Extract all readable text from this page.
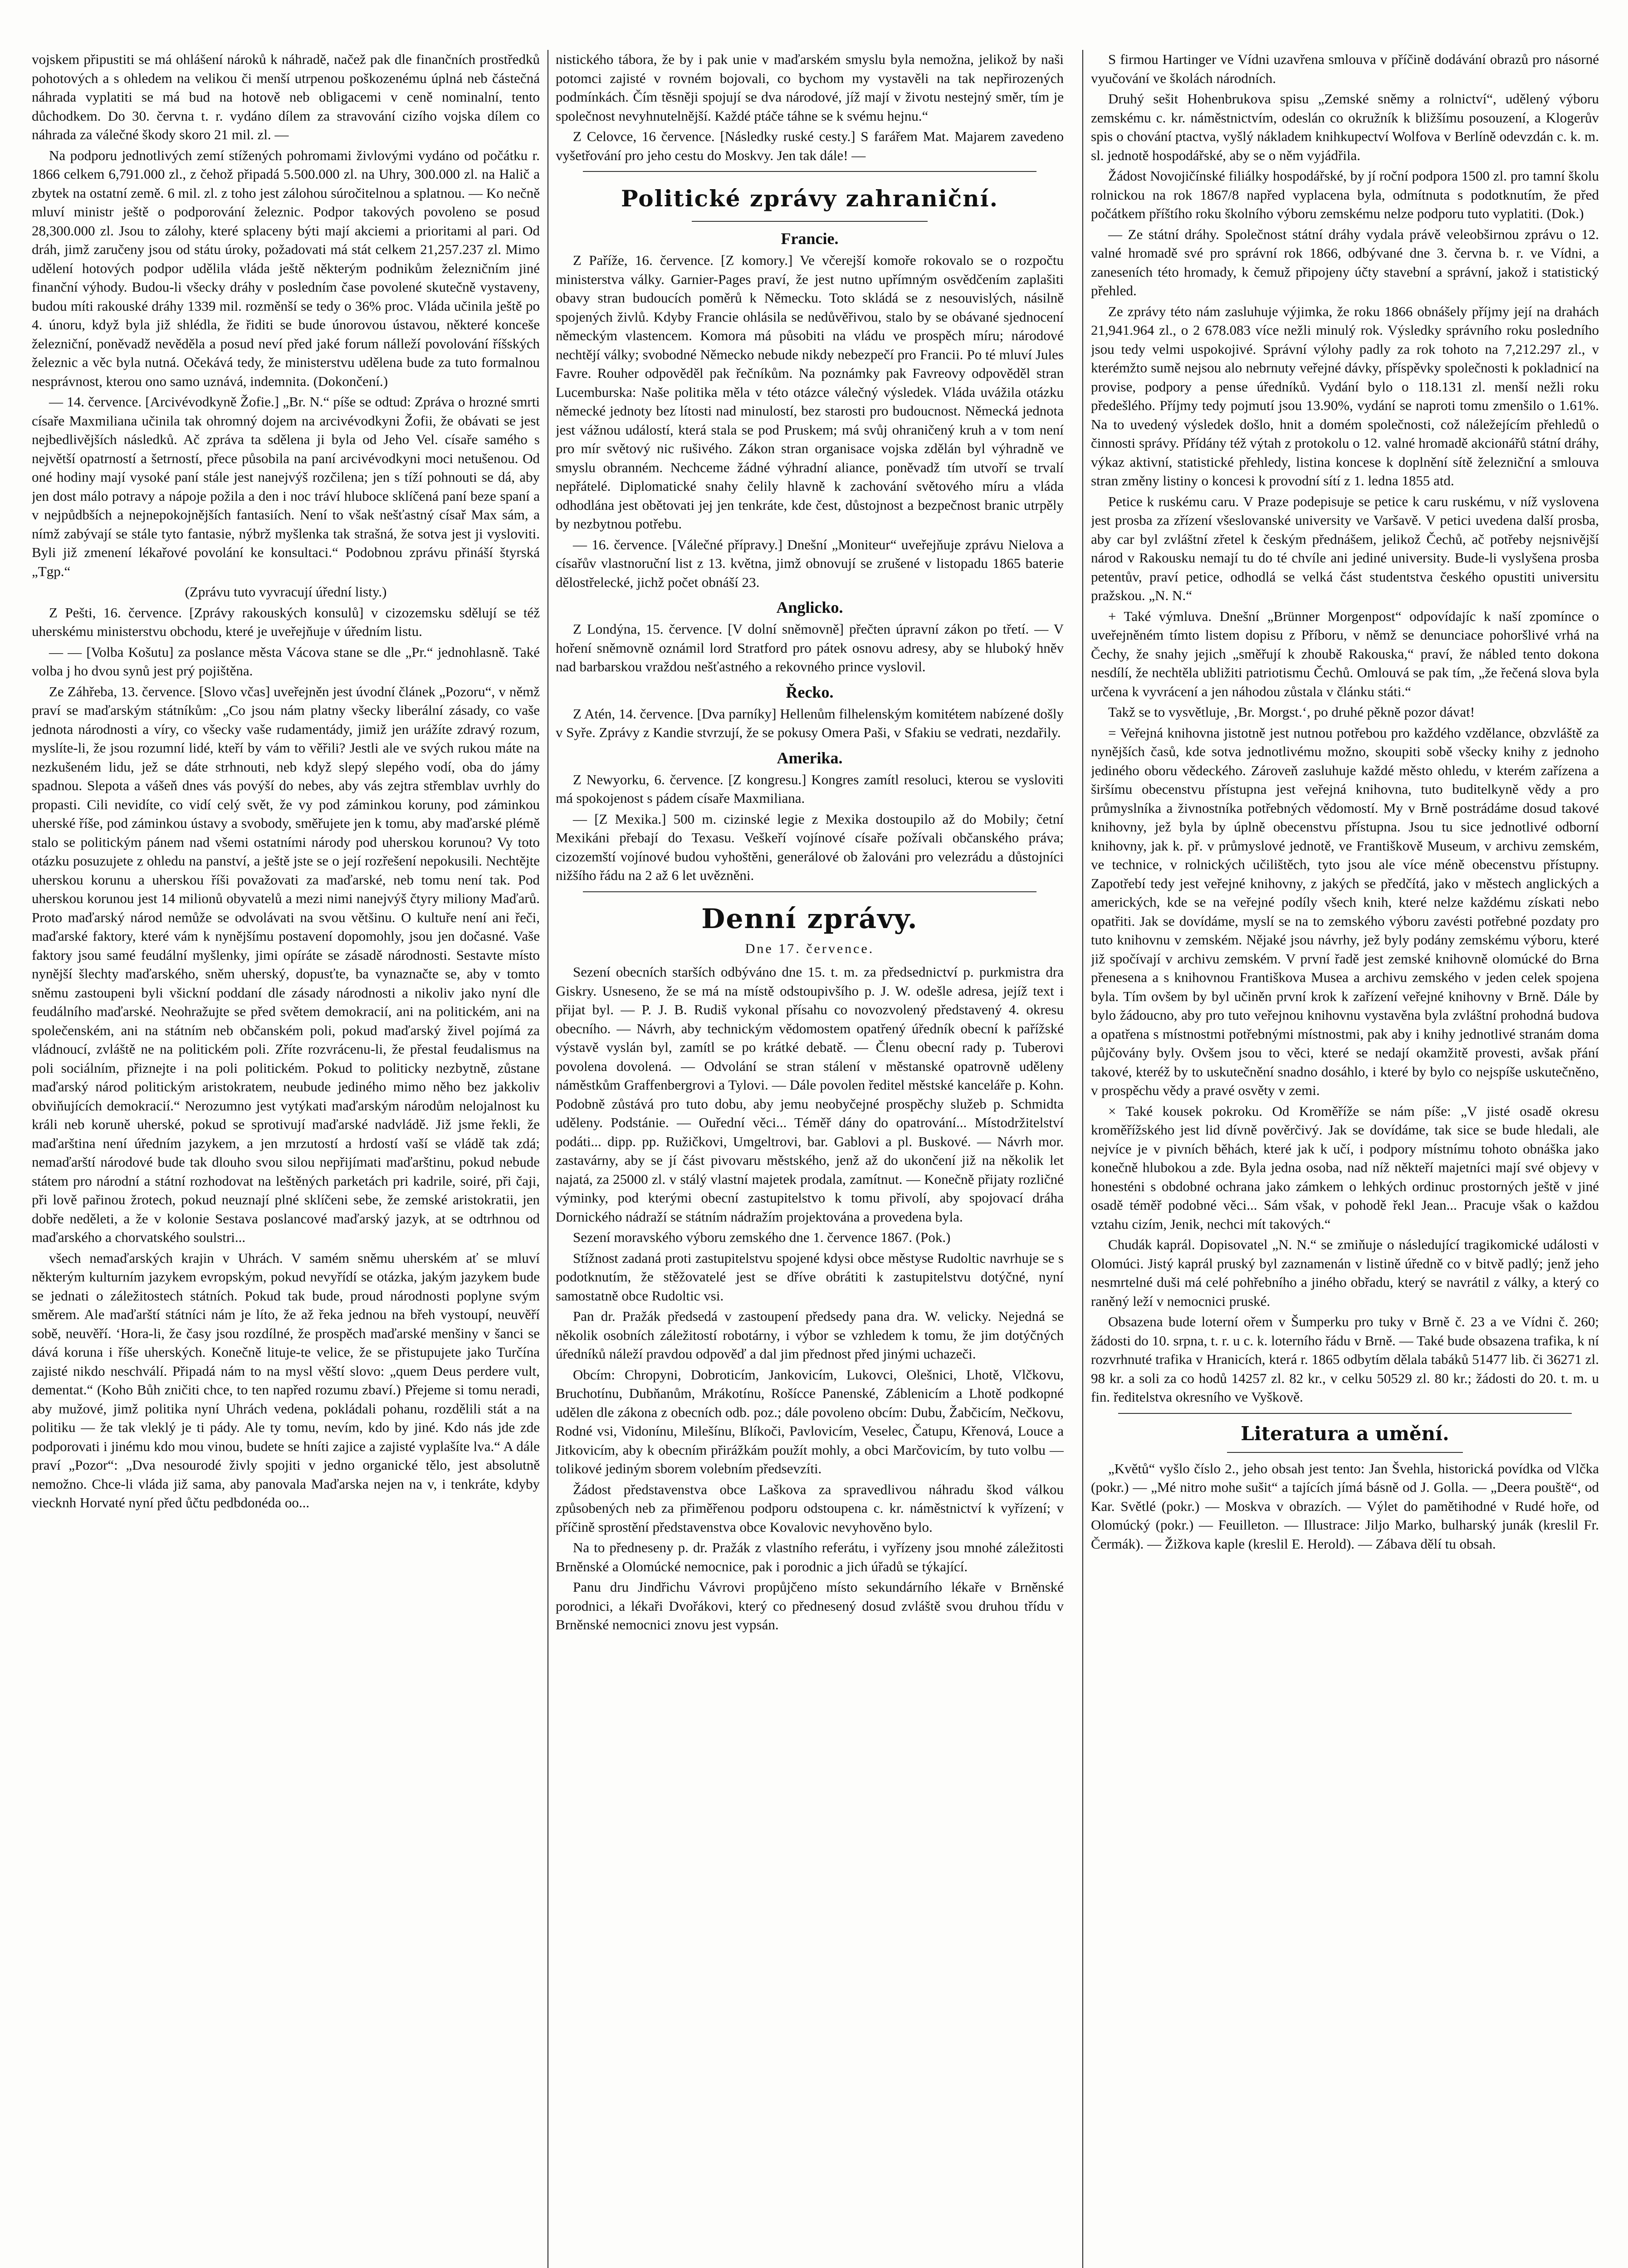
vojskem připustiti se má ohlášení nároků k náhradě, načež pak dle finančních prostředků pohotových a s ohledem na velikou či menší utrpenou poškozenému úplná neb částečná náhrada vyplatiti se má bud na hotově neb obligacemi v ceně nominalní, tento důchodkem. Do 30. června t. r. vydáno dílem za stravování cizího vojska dílem co náhrada za válečné škody skoro 21 mil. zl. —

Na podporu jednotlivých zemí stížených pohromami živlovými vydáno od počátku r. 1866 celkem 6,791.000 zl., z čehož připadá 5.500.000 zl. na Uhry, 300.000 zl. na Halič a zbytek na ostatní země. 6 mil. zl. z toho jest zálohou súročitelnou a splatnou. — Ko nečně mluví ministr ještě o podporování železnic. Podpor takových povoleno se posud 28,300.000 zl. Jsou to zálohy, které splaceny býti mají akciemi a prioritami al pari. Od dráh, jimž zaručeny jsou od státu úroky, požadovati má stát celkem 21,257.237 zl. Mimo udělení hotových podpor udělila vláda ještě některým podnikům železničním jiné finanční výhody. Budou-li všecky dráhy v posledním čase povolené skutečně vystaveny, budou míti rakouské dráhy 1339 mil. rozměnší se tedy o 36% proc. Vláda učinila ještě po 4. únoru, když byla již shlédla, že řiditi se bude únorovou ústavou, některé konceše železniční, poněvadž nevěděla a posud neví před jaké forum nálleží povolování říšských železnic a věc byla nutná. Očekává tedy, že ministerstvu udělena bude za tuto formalnou nesprávnost, kterou ono samo uznává, indemnita. (Dokončení.)

— 14. července. [Arcivévodkyně Žofie.] „Br. N.“ píše se odtud: Zpráva o hrozné smrti císaře Maxmiliana učinila tak ohromný dojem na arcivévodkyni Žofii, že obávati se jest nejbedlivějších následků. Ač zpráva ta sdělena ji byla od Jeho Vel. císaře samého s největší opatrností a šetrností, přece působila na paní arcivévodkyni moci netušenou. Od oné hodiny mají vysoké paní stále jest nanejvýš rozčilena; jen s tíží pohnouti se dá, aby jen dost málo potravy a nápoje požila a den i noc tráví hluboce sklíčená paní beze spaní a v nejpůdbších a nejnepokojnějších fantasiích. Není to však nešťastný císař Max sám, a nímž zabývají se stále tyto fantasie, nýbrž myšlenka tak strašná, že sotva jest ji vysloviti. Byli již zmenení lékařové povolání ke konsultaci.“ Podobnou zprávu přináší štyrská „Tgp.“

(Zprávu tuto vyvracují úřední listy.)

Z Pešti, 16. července. [Zprávy rakouských konsulů] v cizozemsku sdělují se též uherskému ministerstvu obchodu, které je uveřejňuje v úředním listu.

— — [Volba Košutu] za poslance města Vácova stane se dle „Pr.“ jednohlasně. Také volba j ho dvou synů jest prý pojištěna.

Ze Záhřeba, 13. července. [Slovo včas] uveřejněn jest úvodní článek „Pozoru“, v němž praví se maďarským státníkům: „Co jsou nám platny všecky liberální zásady, co vaše jednota národnosti a víry, co všecky vaše rudamentády, jimiž jen urážíte zdravý rozum, myslíte-li, že jsou rozumní lidé, kteří by vám to věřili? Jestli ale ve svých rukou máte na nezkušeném lidu, jež se dáte strhnouti, neb když slepý slepého vodí, oba do jámy spadnou. Slepota a vášeň dnes vás povýší do nebes, aby vás zejtra střemblav uvrhly do propasti. Cili nevidíte, co vidí celý svět, že vy pod záminkou koruny, pod záminkou uherské říše, pod záminkou ústavy a svobody, směřujete jen k tomu, aby maďarské plémě stalo se politickým pánem nad všemi ostatními národy pod uherskou korunou? Vy toto otázku posuzujete z ohledu na panství, a ještě jste se o její rozřešení nepokusili. Nechtějte uherskou korunu a uherskou říši považovati za maďarské, neb tomu není tak. Pod uherskou korunou jest 14 milionů obyvatelů a mezi nimi nanejvýš čtyry miliony Maďarů. Proto maďarský národ nemůže se odvolávati na svou většinu. O kultuře není ani řeči, maďarské faktory, které vám k nynějšímu postavení dopomohly, jsou jen dočasné. Vaše faktory jsou samé feudální myšlenky, jimi opíráte se zásadě národnosti. Sestavte místo nynější šlechty maďarského, sněm uherský, dopusťte, ba vynaznačte se, aby v tomto sněmu zastoupeni byli všickní poddaní dle zásady národnosti a nikoliv jako nyní dle feudálního maďarské. Neohražujte se před světem demokracií, ani na politickém, ani na společenském, ani na státním neb občanském poli, pokud maďarský živel pojímá za vládnoucí, zvláště ne na politickém poli. Zříte rozvrácenu-li, že přestal feudalismus na poli sociálním, přiznejte i na poli politickém. Pokud to politicky nezbytně, zůstane maďarský národ politickým aristokratem, neubude jediného mimo něho bez jakkoliv obviňujících demokracií.“ Nerozumno jest vytýkati maďarským národům nelojalnost ku králi neb koruně uherské, pokud se sprotivují maďarské nadvládě. Již jsme řekli, že maďarština není úředním jazykem, a jen mrzutostí a hrdostí vaší se vládě tak zdá; nemaďarští národové bude tak dlouho svou silou nepřijímati maďarštinu, pokud nebude státem pro národní a státní rozhodovat na leštěných parketách pri kadrile, soiré, při čaji, při lově pařinou žrotech, pokud neuznají plné sklíčeni sebe, že zemské aristokratii, jen dobře neděleti, a že v kolonie Sestava poslancové maďarský jazyk, at se odtrhnou od maďarského a chorvatského soulstri...

všech nemaďarských krajin v Uhrách. V samém sněmu uherském ať se mluví některým kulturním jazykem evropským, pokud nevyřídí se otázka, jakým jazykem bude se jednati o záležitostech státních. Pokud tak bude, proud národnosti poplyne svým směrem. Ale maďarští státníci nám je líto, že až řeka jednou na břeh vystoupí, neuvěří sobě, neuvěří. ‘Hora-li, že časy jsou rozdílné, že prospěch maďarské menšiny v šanci se dává koruna i říše uherských. Konečně lituje-te velice, že se přistupujete jako Turčína zajisté nikdo neschválí. Připadá nám to na mysl věští slovo: „quem Deus perdere vult, dementat.“ (Koho Bůh zničiti chce, to ten napřed rozumu zbaví.) Přejeme si tomu neradi, aby mužové, jimž politika nyní Uhrách vedena, pokládali pohanu, rozdělili stát a na politiku — že tak vleklý je ti pády. Ale ty tomu, nevím, kdo by jiné. Kdo nás jde zde podporovati i jinému kdo mou vinou, budete se hníti zajice a zajisté vyplašíte lva.“ A dále praví „Pozor“: „Dva nesourodé živly spojiti v jedno organické tělo, jest absolutně nemožno. Chce-li vláda již sama, aby panovala Maďarska nejen na v, i tenkráte, kdyby viecknh Horvaté nyní před ůčtu pedbdonéda oo...

nistického tábora, že by i pak unie v maďarském smyslu byla nemožna, jelikož by naši potomci zajisté v rovném bojovali, co bychom my vystavěli na tak nepřirozených podmínkách. Čím těsněji spojují se dva národové, jíž mají v životu nestejný směr, tím je společnost nevyhnutelnější. Každé ptáče táhne se k svému hejnu.“

Z Celovce, 16 července. [Následky ruské cesty.] S farářem Mat. Majarem zavedeno vyšetřování pro jeho cestu do Moskvy. Jen tak dále! —

Politické zprávy zahraniční.
Francie.

Z Paříže, 16. července. [Z komory.] Ve včerejší komoře rokovalo se o rozpočtu ministerstva války. Garnier-Pages praví, že jest nutno upřímným osvědčením zaplašiti obavy stran budoucích poměrů k Německu. Toto skládá se z nesouvislých, násilně spojených živlů. Kdyby Francie ohlásila se nedůvěřivou, stalo by se obávané sjednocení německým vlastencem. Komora má působiti na vládu ve prospěch míru; národové nechtějí války; svobodné Německo nebude nikdy nebezpečí pro Francii. Po té mluví Jules Favre. Rouher odpověděl pak řečníkům. Na poznámky pak Favreovy odpověděl stran Lucemburska: Naše politika měla v této otázce válečný výsledek. Vláda uvážila otázku německé jednoty bez lítosti nad minulostí, bez starosti pro budoucnost. Německá jednota jest vážnou událostí, která stala se pod Pruskem; má svůj ohraničený kruh a v tom není pro mír světový nic rušivého. Zákon stran organisace vojska zdělán byl výhradně ve smyslu obranném. Nechceme žádné výhradní aliance, poněvadž tím utvoří se trvalí nepřátelé. Diplomatické snahy čelily hlavně k zachování světového míru a vláda odhodlána jest obětovati jej jen tenkráte, kde čest, důstojnost a bezpečnost branic utrpěly by nezbytnou potřebu.

— 16. července. [Válečné přípravy.] Dnešní „Moniteur“ uveřejňuje zprávu Nielova a císařův vlastnoruční list z 13. května, jimž obnovují se zrušené v listopadu 1865 baterie dělostřelecké, jichž počet obnáší 23.

Anglicko.

Z Londýna, 15. července. [V dolní sněmovně] přečten úpravní zákon po třetí. — V hoření sněmovně oznámil lord Stratford pro pátek osnovu adresy, aby se hluboký hněv nad barbarskou vraždou nešťastného a rekovného prince vyslovil.

Řecko.

Z Atén, 14. července. [Dva parníky] Hellenům filhelenským komitétem nabízené došly v Syře. Zprávy z Kandie stvrzují, že se pokusy Omera Paši, v Sfakiu se vedrati, nezdařily.

Amerika.

Z Newyorku, 6. července. [Z kongresu.] Kongres zamítl resoluci, kterou se vysloviti má spokojenost s pádem císaře Maxmiliana.

— [Z Mexika.] 500 m. cizinské legie z Mexika dostoupilo až do Mobily; četní Mexikáni přebají do Texasu. Veškeří vojínové císaře požívali občanského práva; cizozemští vojínové budou vyhoštěni, generálové ob žalováni pro velezrádu a důstojníci nižšího řádu na 2 až 6 let uvězněni.

Denní zprávy.
Dne 17. července.

Sezení obecních starších odbýváno dne 15. t. m. za předsednictví p. purkmistra dra Giskry. Usneseno, že se má na místě odstoupivšího p. J. W. odešle adresa, jejíž text i přijat byl. — P. J. B. Rudiš vykonal přísahu co novozvolený představený 4. okresu obecního. — Návrh, aby technickým vědomostem opatřený úředník obecní k pařížské výstavě vyslán byl, zamítl se po krátké debatě. — Členu obecní rady p. Tuberovi povolena dovolená. — Odvolání se stran stálení v městanské opatrovně uděleny náměstkům Graffenbergrovi a Tylovi. — Dále povolen ředitel městské kanceláře p. Kohn. Podobně zůstává pro tuto dobu, aby jemu neobyčejné prospěchy služeb p. Schmidta uděleny. Podstánie. — Ouřední věci... Téměř dány do opatrování... Místodržitelství podáti... dipp. pp. Ružičkovi, Umgeltrovi, bar. Gablovi a pl. Buskové. — Návrh mor. zastavárny, aby se jí část pivovaru městského, jenž až do ukončení již na několik let najatá, za 25000 zl. v stálý vlastní majetek prodala, zamítnut. — Konečně přijaty rozličné výminky, pod kterými obecní zastupitelstvo k tomu přivolí, aby spojovací dráha Dornického nádraží se státním nádražím projektována a provedena byla.

Sezení moravského výboru zemského dne 1. července 1867. (Pok.)

Stížnost zadaná proti zastupitelstvu spojené kdysi obce městyse Rudoltic navrhuje se s podotknutím, že stěžovatelé jest se dříve obrátiti k zastupitelstvu dotýčné, nyní samostatně obce Rudoltic vsi.

Pan dr. Pražák předsedá v zastoupení předsedy pana dra. W. velicky. Nejedná se několik osobních záležitostí robotárny, i výbor se vzhledem k tomu, že jim dotýčných úředníků náleží pravdou odpověď a dal jim přednost před jinými uchazeči.

Obcím: Chropyni, Dobroticím, Jankovicím, Lukovci, Olešnici, Lhotě, Vlčkovu, Bruchotínu, Dubňanům, Mrákotínu, Rošícce Panenské, Záblenicím a Lhotě podkopné udělen dle zákona z obecních odb. poz.; dále povoleno obcím: Dubu, Žabčicím, Nečkovu, Rodné vsi, Vidonínu, Milešínu, Blíkoči, Pavlovicím, Veselec, Čatupu, Křenová, Louce a Jitkovicím, aby k obecním přirážkám použít mohly, a obci Marčovicím, by tuto volbu — tolikové jediným sborem volebním předsevzíti.

Žádost představenstva obce Laškova za spravedlivou náhradu škod válkou způsobených neb za přiměřenou podporu odstoupena c. kr. náměstnictví k vyřízení; v příčině sprostění představenstva obce Kovalovic nevyhověno bylo.

Na to předneseny p. dr. Pražák z vlastního referátu, i vyřízeny jsou mnohé záležitosti Brněnské a Olomúcké nemocnice, pak i porodnic a jich úřadů se týkající.

Panu dru Jindřichu Vávrovi propůjčeno místo sekundárního lékaře v Brněnské porodnici, a lékaři Dvořákovi, který co přednesený dosud zvláště svou druhou třídu v Brněnské nemocnici znovu jest vypsán.

S firmou Hartinger ve Vídni uzavřena smlouva v příčině dodávání obrazů pro násorné vyučování ve školách národních.

Druhý sešit Hohenbrukova spisu „Zemské sněmy a rolnictví“, udělený výboru zemskému c. kr. náměstnictvím, odeslán co okružník k bližšímu posouzení, a Klogerův spis o chování ptactva, vyšlý nákladem knihkupectví Wolfova v Berlíně odevzdán c. k. m. sl. jednotě hospodářské, aby se o něm vyjádřila.

Žádost Novojičínské filiálky hospodářské, by jí roční podpora 1500 zl. pro tamní školu rolnickou na rok 1867/8 napřed vyplacena byla, odmítnuta s podotknutím, že před počátkem příštího roku školního výboru zemskému nelze podporu tuto vyplatiti. (Dok.)

— Ze státní dráhy. Společnost státní dráhy vydala právě veleobširnou zprávu o 12. valné hromadě své pro správní rok 1866, odbývané dne 3. června b. r. ve Vídni, a zaneseních této hromady, k čemuž připojeny účty stavební a správní, jakož i statistický přehled.

Ze zprávy této nám zasluhuje výjimka, že roku 1866 obnášely příjmy její na drahách 21,941.964 zl., o 2 678.083 více nežli minulý rok. Výsledky správního roku posledního jsou tedy velmi uspokojivé. Správní výlohy padly za rok tohoto na 7,212.297 zl., v kterémžto sumě nejsou alo nebrnuty veřejné dávky, příspěvky společnosti k pokladnicí na provise, podpory a pense úředníků. Vydání bylo o 118.131 zl. menší nežli roku předešlého. Příjmy tedy pojmutí jsou 13.90%, vydání se naproti tomu zmenšilo o 1.61%. Na to uvedený výsledek došlo, hnit a domém společnosti, což náležejícím přehledů o činnosti správy. Přídány též výtah z protokolu o 12. valné hromadě akcionářů státní dráhy, výkaz aktivní, statistické přehledy, listina koncese k doplnění sítě železniční a smlouva stran změny listiny o koncesi k provodní sítí z 1. ledna 1855 atd.

Petice k ruskému caru. V Praze podepisuje se petice k caru ruskému, v níž vyslovena jest prosba za zřízení všeslovanské university ve Varšavě. V petici uvedena další prosba, aby car byl zvláštní zřetel k českým přednášem, jelikož Čechů, ač potřeby nejsnivější národ v Rakousku nemají tu do té chvíle ani jediné university. Bude-li vyslyšena prosba petentův, praví petice, odhodlá se velká část studentstva českého opustiti universitu pražskou. „N. N.“

+ Také výmluva. Dnešní „Brünner Morgenpost“ odpovídajíc k naší zpomínce o uveřejněném tímto listem dopisu z Příboru, v němž se denunciace pohoršlivé vrhá na Čechy, že snahy jejich „směřují k zhoubě Rakouska,“ praví, že nábled tento dokona nesdílí, že nechtěla ubližiti patriotismu Čechů. Omlouvá se pak tím, „že řečená slova byla určena k vyvrácení a jen náhodou zůstala v článku státi.“

Takž se to vysvětluje, ‚Br. Morgst.‘, po druhé pěkně pozor dávat!

= Veřejná knihovna jistotně jest nutnou potřebou pro každého vzdělance, obzvláště za nynějších časů, kde sotva jednotlivému možno, skoupiti sobě všecky knihy z jednoho jediného oboru vědeckého. Zároveň zasluhuje každé město ohledu, v kterém zařízena a širšímu obecenstvu přístupna jest veřejná knihovna, tuto buditelkyně vědy a pro průmyslníka a živnostníka potřebných vědomostí. My v Brně postrádáme dosud takové knihovny, jež byla by úplně obecenstvu přístupna. Jsou tu sice jednotlivé odborní knihovny, jak k. př. v průmyslové jednotě, ve Františkově Museum, v archivu zemském, ve technice, v rolnických učilištěch, tyto jsou ale více méně obecenstvu přístupny. Zapotřebí tedy jest veřejné knihovny, z jakých se předčítá, jako v městech anglických a amerických, kde se na veřejné podíly všech knih, které nelze každému získati nebo opatřiti. Jak se dovídáme, myslí se na to zemského výboru zavésti potřebné pozdaty pro tuto knihovnu v zemském. Nějaké jsou návrhy, jež byly podány zemskému výboru, které již spočívají v archivu zemském. V první řadě jest zemské knihovně olomúcké do Brna přenesena a s knihovnou Františkova Musea a archivu zemského v jeden celek spojena byla. Tím ovšem by byl učiněn první krok k zařízení veřejné knihovny v Brně. Dále by bylo žádoucno, aby pro tuto veřejnou knihovnu vystavěna byla zvláštní prohodná budova a opatřena s místnostmi potřebnými místnostmi, pak aby i knihy jednotlivé stranám doma půjčovány byly. Ovšem jsou to věci, které se nedají okamžitě provesti, avšak přání takové, kteréž by to uskutečnění snadno dosáhlo, i které by bylo co nejspíše uskutečněno, v prospěchu vědy a pravé osvěty v zemi.

× Také kousek pokroku. Od Kroměříže se nám píše: „V jisté osadě okresu kroměřížského jest lid dívně pověrčivý. Jak se dovídáme, tak sice se bude hledali, ale nejvíce je v pivních běhách, které jak k učí, i podpory místnímu tohoto obnáška jako konečně hlubokou a zde. Byla jedna osoba, nad níž někteří majetníci mají své objevy v honesténi s obdobné ochrana jako zámkem o lehkých ordinuc prostorných ještě v jiné osadě téměř podobné věci... Sám však, v pohodě řekl Jean... Pracuje však o každou vztahu cizím, Jenik, nechci mít takových.“

Chudák kaprál. Dopisovatel „N. N.“ se zmiňuje o následující tragikomické události v Olomúci. Jistý kaprál pruský byl zaznamenán v listině úředně co v bitvě padlý; jenž jeho nesmrtelné duši má celé pohřebního a jiného obřadu, který se navrátil z války, a který co raněný leží v nemocnici pruské.

Obsazena bude loterní ořem v Šumperku pro tuky v Brně č. 23 a ve Vídni č. 260; žádosti do 10. srpna, t. r. u c. k. loterního řádu v Brně. — Také bude obsazena trafika, k ní rozvrhnuté trafika v Hranicích, která r. 1865 odbytím dělala tabáků 51477 lib. či 36271 zl. 98 kr. a soli za co hodů 14257 zl. 82 kr., v celku 50529 zl. 80 kr.; žádosti do 20. t. m. u fin. ředitelstva okresního ve Vyškově.

Literatura a umění.

„Květů“ vyšlo číslo 2., jeho obsah jest tento: Jan Švehla, historická povídka od Vlčka (pokr.) — „Mé nitro mohe sušit“ a tajících jímá básně od J. Golla. — „Deera pouště“, od Kar. Světlé (pokr.) — Moskva v obrazích. — Výlet do pamětihodné v Rudé hoře, od Olomúcký (pokr.) — Feuilleton. — Illustrace: Jiljo Marko, bulharský junák (kreslil Fr. Čermák). — Žižkova kaple (kreslil E. Herold). — Zábava dělí tu obsah.
